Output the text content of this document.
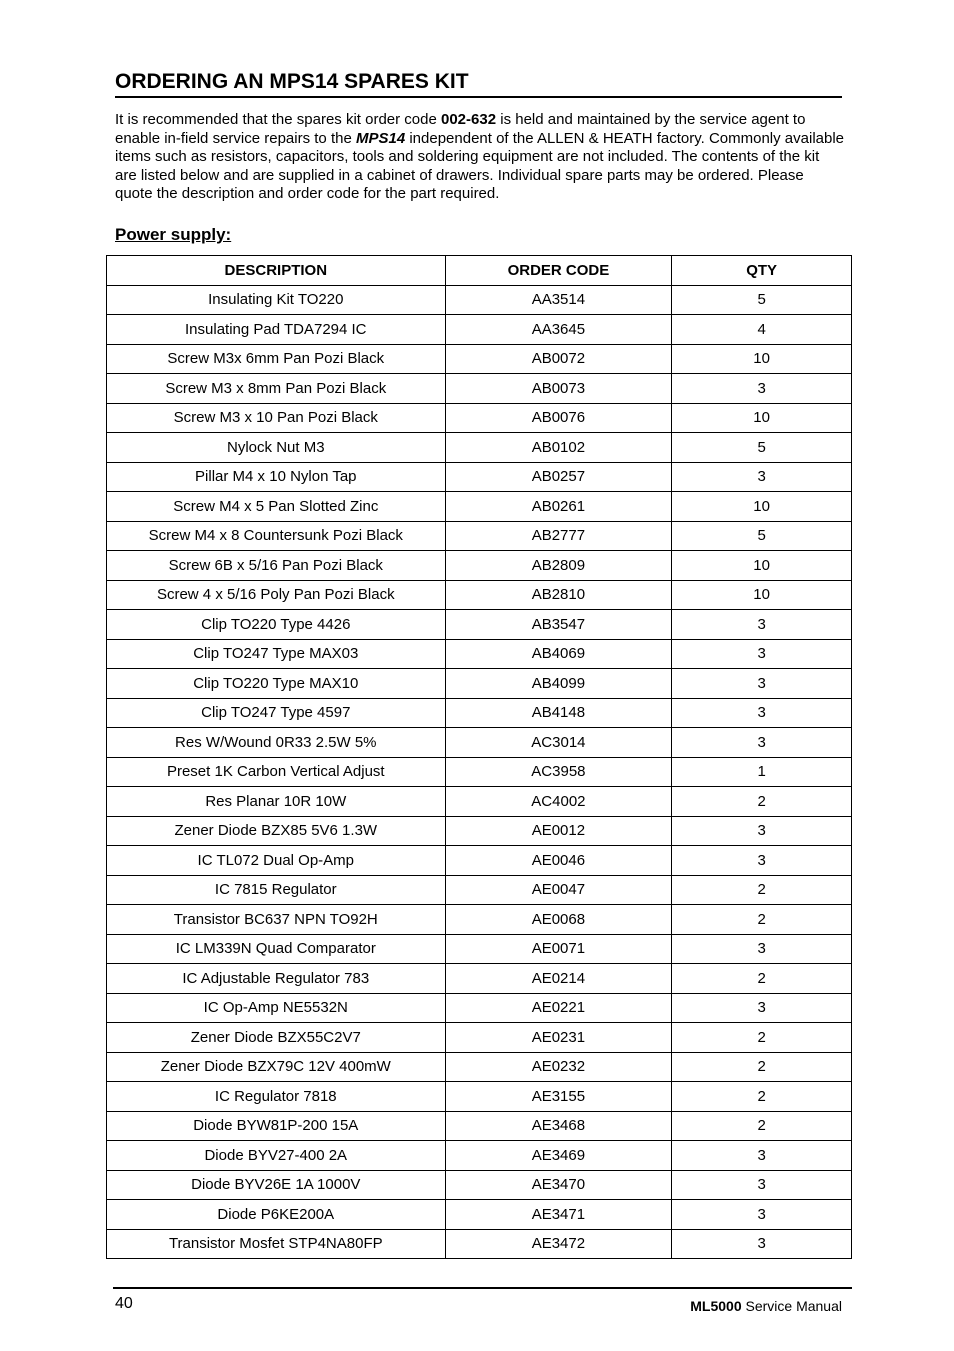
ORDERING AN MPS14 SPARES KIT
It is recommended that the spares kit order code 002-632 is held and maintained by the service agent to enable in-field service repairs to the MPS14 independent of the ALLEN & HEATH factory. Commonly available items such as resistors, capacitors, tools and soldering equipment are not included. The contents of the kit are listed below and are supplied in a cabinet of drawers. Individual spare parts may be ordered. Please quote the description and order code for the part required.
Power supply:
DESCRIPTION	ORDER CODE	QTY
Insulating Kit TO220	AA3514	5
Insulating Pad TDA7294 IC	AA3645	4
Screw M3x 6mm Pan Pozi Black	AB0072	10
Screw M3 x 8mm Pan Pozi Black	AB0073	3
Screw M3 x 10 Pan Pozi Black	AB0076	10
Nylock Nut M3	AB0102	5
Pillar M4 x 10 Nylon Tap	AB0257	3
Screw M4 x 5 Pan Slotted Zinc	AB0261	10
Screw M4 x 8 Countersunk Pozi Black	AB2777	5
Screw 6B x 5/16 Pan Pozi Black	AB2809	10
Screw 4 x 5/16 Poly Pan Pozi Black	AB2810	10
Clip TO220 Type 4426	AB3547	3
Clip TO247 Type MAX03	AB4069	3
Clip TO220 Type MAX10	AB4099	3
Clip TO247 Type 4597	AB4148	3
Res W/Wound 0R33 2.5W 5%	AC3014	3
Preset 1K Carbon Vertical Adjust	AC3958	1
Res Planar 10R 10W	AC4002	2
Zener Diode BZX85 5V6 1.3W	AE0012	3
IC TL072 Dual Op-Amp	AE0046	3
IC 7815 Regulator	AE0047	2
Transistor BC637 NPN TO92H	AE0068	2
IC LM339N Quad Comparator	AE0071	3
IC Adjustable Regulator 783	AE0214	2
IC Op-Amp NE5532N	AE0221	3
Zener Diode BZX55C2V7	AE0231	2
Zener Diode BZX79C 12V 400mW	AE0232	2
IC Regulator 7818	AE3155	2
Diode BYW81P-200 15A	AE3468	2
Diode BYV27-400 2A	AE3469	3
Diode BYV26E 1A 1000V	AE3470	3
Diode P6KE200A	AE3471	3
Transistor Mosfet STP4NA80FP	AE3472	3
40	ML5000 Service Manual
